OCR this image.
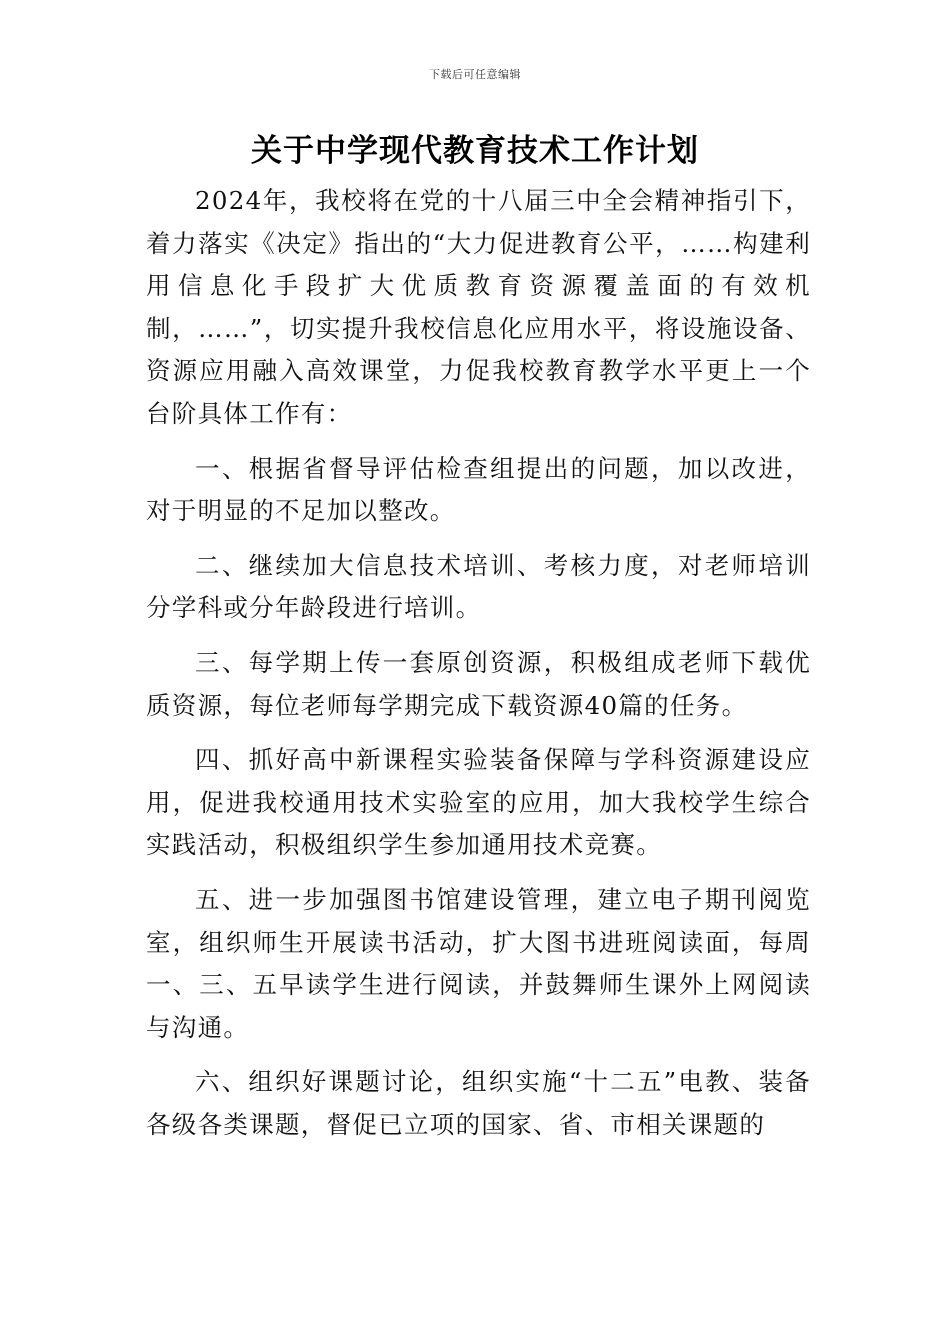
下载后可任意编辑
关于中学现代教育技术工作计划

2024年，我校将在党的十八届三中全会精神指引下，着力落实《决定》指出的“大力促进教育公平，……构建利用信息化手段扩大优质教育资源覆盖面的有效机制，……”，切实提升我校信息化应用水平，将设施设备、资源应用融入高效课堂，力促我校教育教学水平更上一个台阶具体工作有：

一、根据省督导评估检查组提出的问题，加以改进，对于明显的不足加以整改。

二、继续加大信息技术培训、考核力度，对老师培训分学科或分年龄段进行培训。

三、每学期上传一套原创资源，积极组成老师下载优质资源，每位老师每学期完成下载资源40篇的任务。

四、抓好高中新课程实验装备保障与学科资源建设应用，促进我校通用技术实验室的应用，加大我校学生综合实践活动，积极组织学生参加通用技术竞赛。

五、进一步加强图书馆建设管理，建立电子期刊阅览室，组织师生开展读书活动，扩大图书进班阅读面，每周一、三、五早读学生进行阅读，并鼓舞师生课外上网阅读与沟通。

六、组织好课题讨论，组织实施“十二五”电教、装备各级各类课题，督促已立项的国家、省、市相关课题的
